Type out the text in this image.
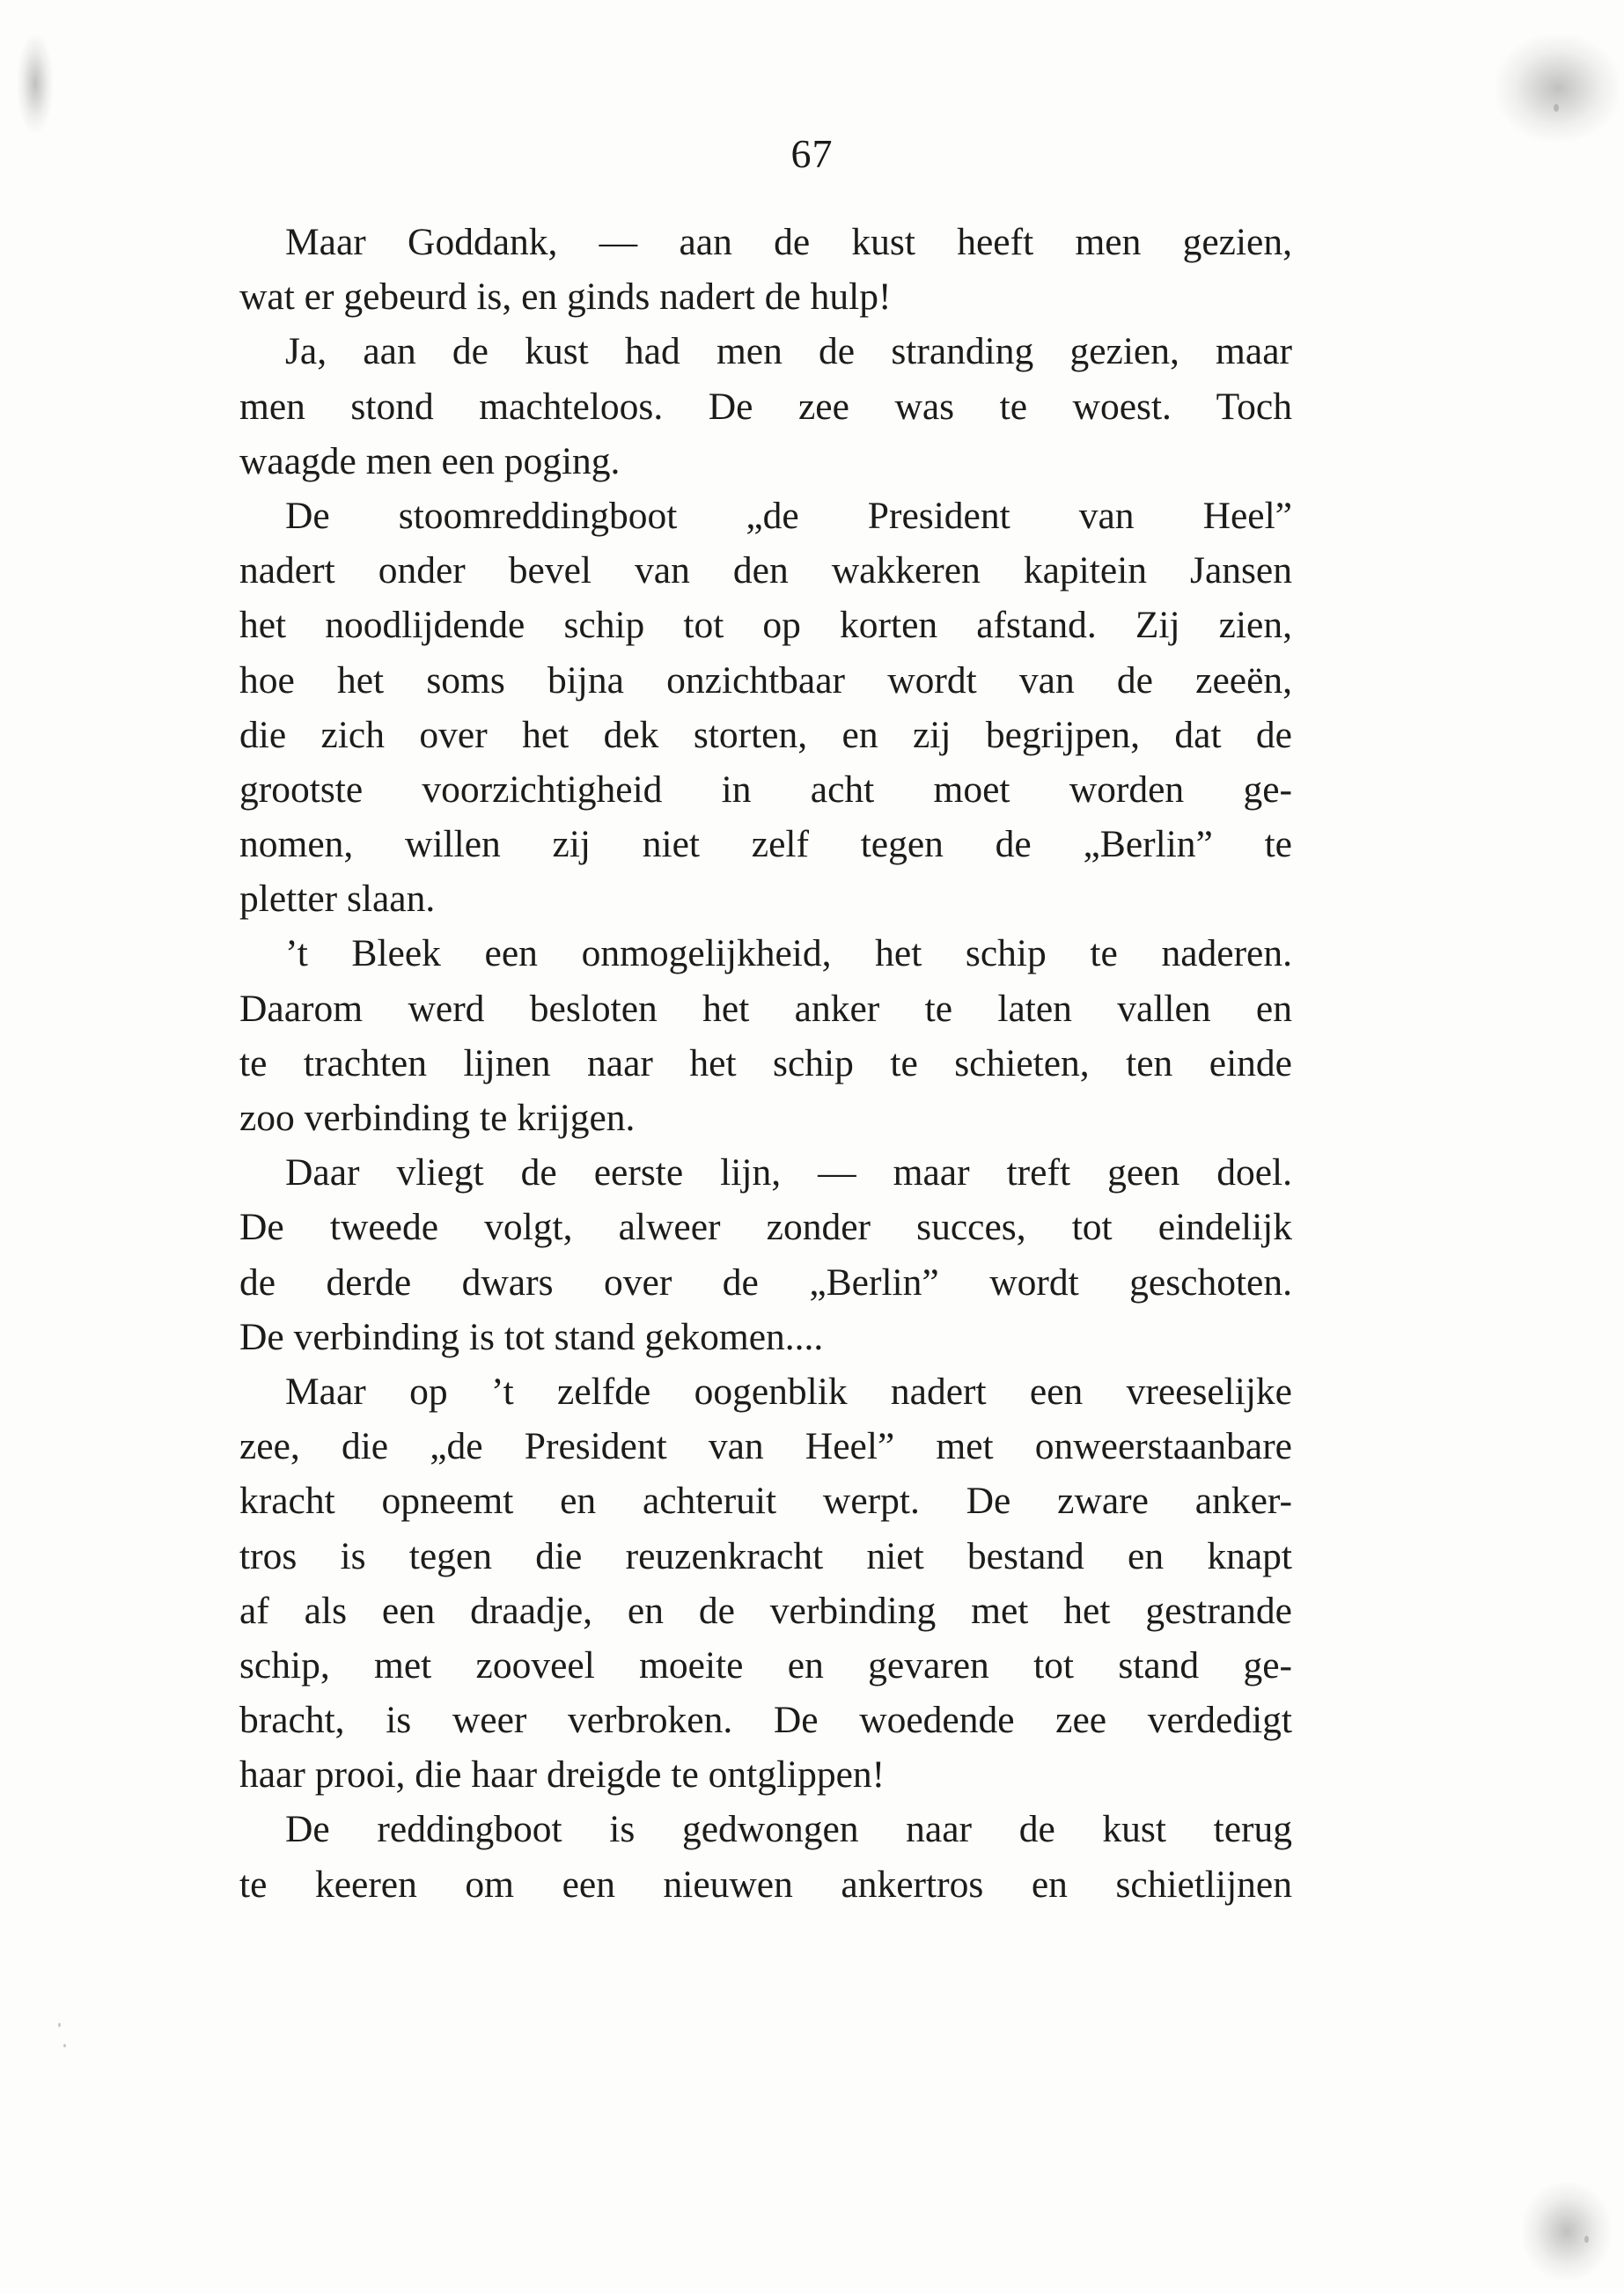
67
Maar Goddank, — aan de kust heeft men gezien,
wat er gebeurd is, en ginds nadert de hulp!
Ja, aan de kust had men de stranding gezien, maar
men stond machteloos. De zee was te woest. Toch
waagde men een poging.
De stoomreddingboot „de President van Heel”
nadert onder bevel van den wakkeren kapitein Jansen
het noodlijdende schip tot op korten afstand. Zij zien,
hoe het soms bijna onzichtbaar wordt van de zeeën,
die zich over het dek storten, en zij begrijpen, dat de
grootste voorzichtigheid in acht moet worden ge-
nomen, willen zij niet zelf tegen de „Berlin” te
pletter slaan.
’t Bleek een onmogelijkheid, het schip te naderen.
Daarom werd besloten het anker te laten vallen en
te trachten lijnen naar het schip te schieten, ten einde
zoo verbinding te krijgen.
Daar vliegt de eerste lijn, — maar treft geen doel.
De tweede volgt, alweer zonder succes, tot eindelijk
de derde dwars over de „Berlin” wordt geschoten.
De verbinding is tot stand gekomen....
Maar op ’t zelfde oogenblik nadert een vreeselijke
zee, die „de President van Heel” met onweerstaanbare
kracht opneemt en achteruit werpt. De zware anker-
tros is tegen die reuzenkracht niet bestand en knapt
af als een draadje, en de verbinding met het gestrande
schip, met zooveel moeite en gevaren tot stand ge-
bracht, is weer verbroken. De woedende zee verdedigt
haar prooi, die haar dreigde te ontglippen!
De reddingboot is gedwongen naar de kust terug
te keeren om een nieuwen ankertros en schietlijnen
